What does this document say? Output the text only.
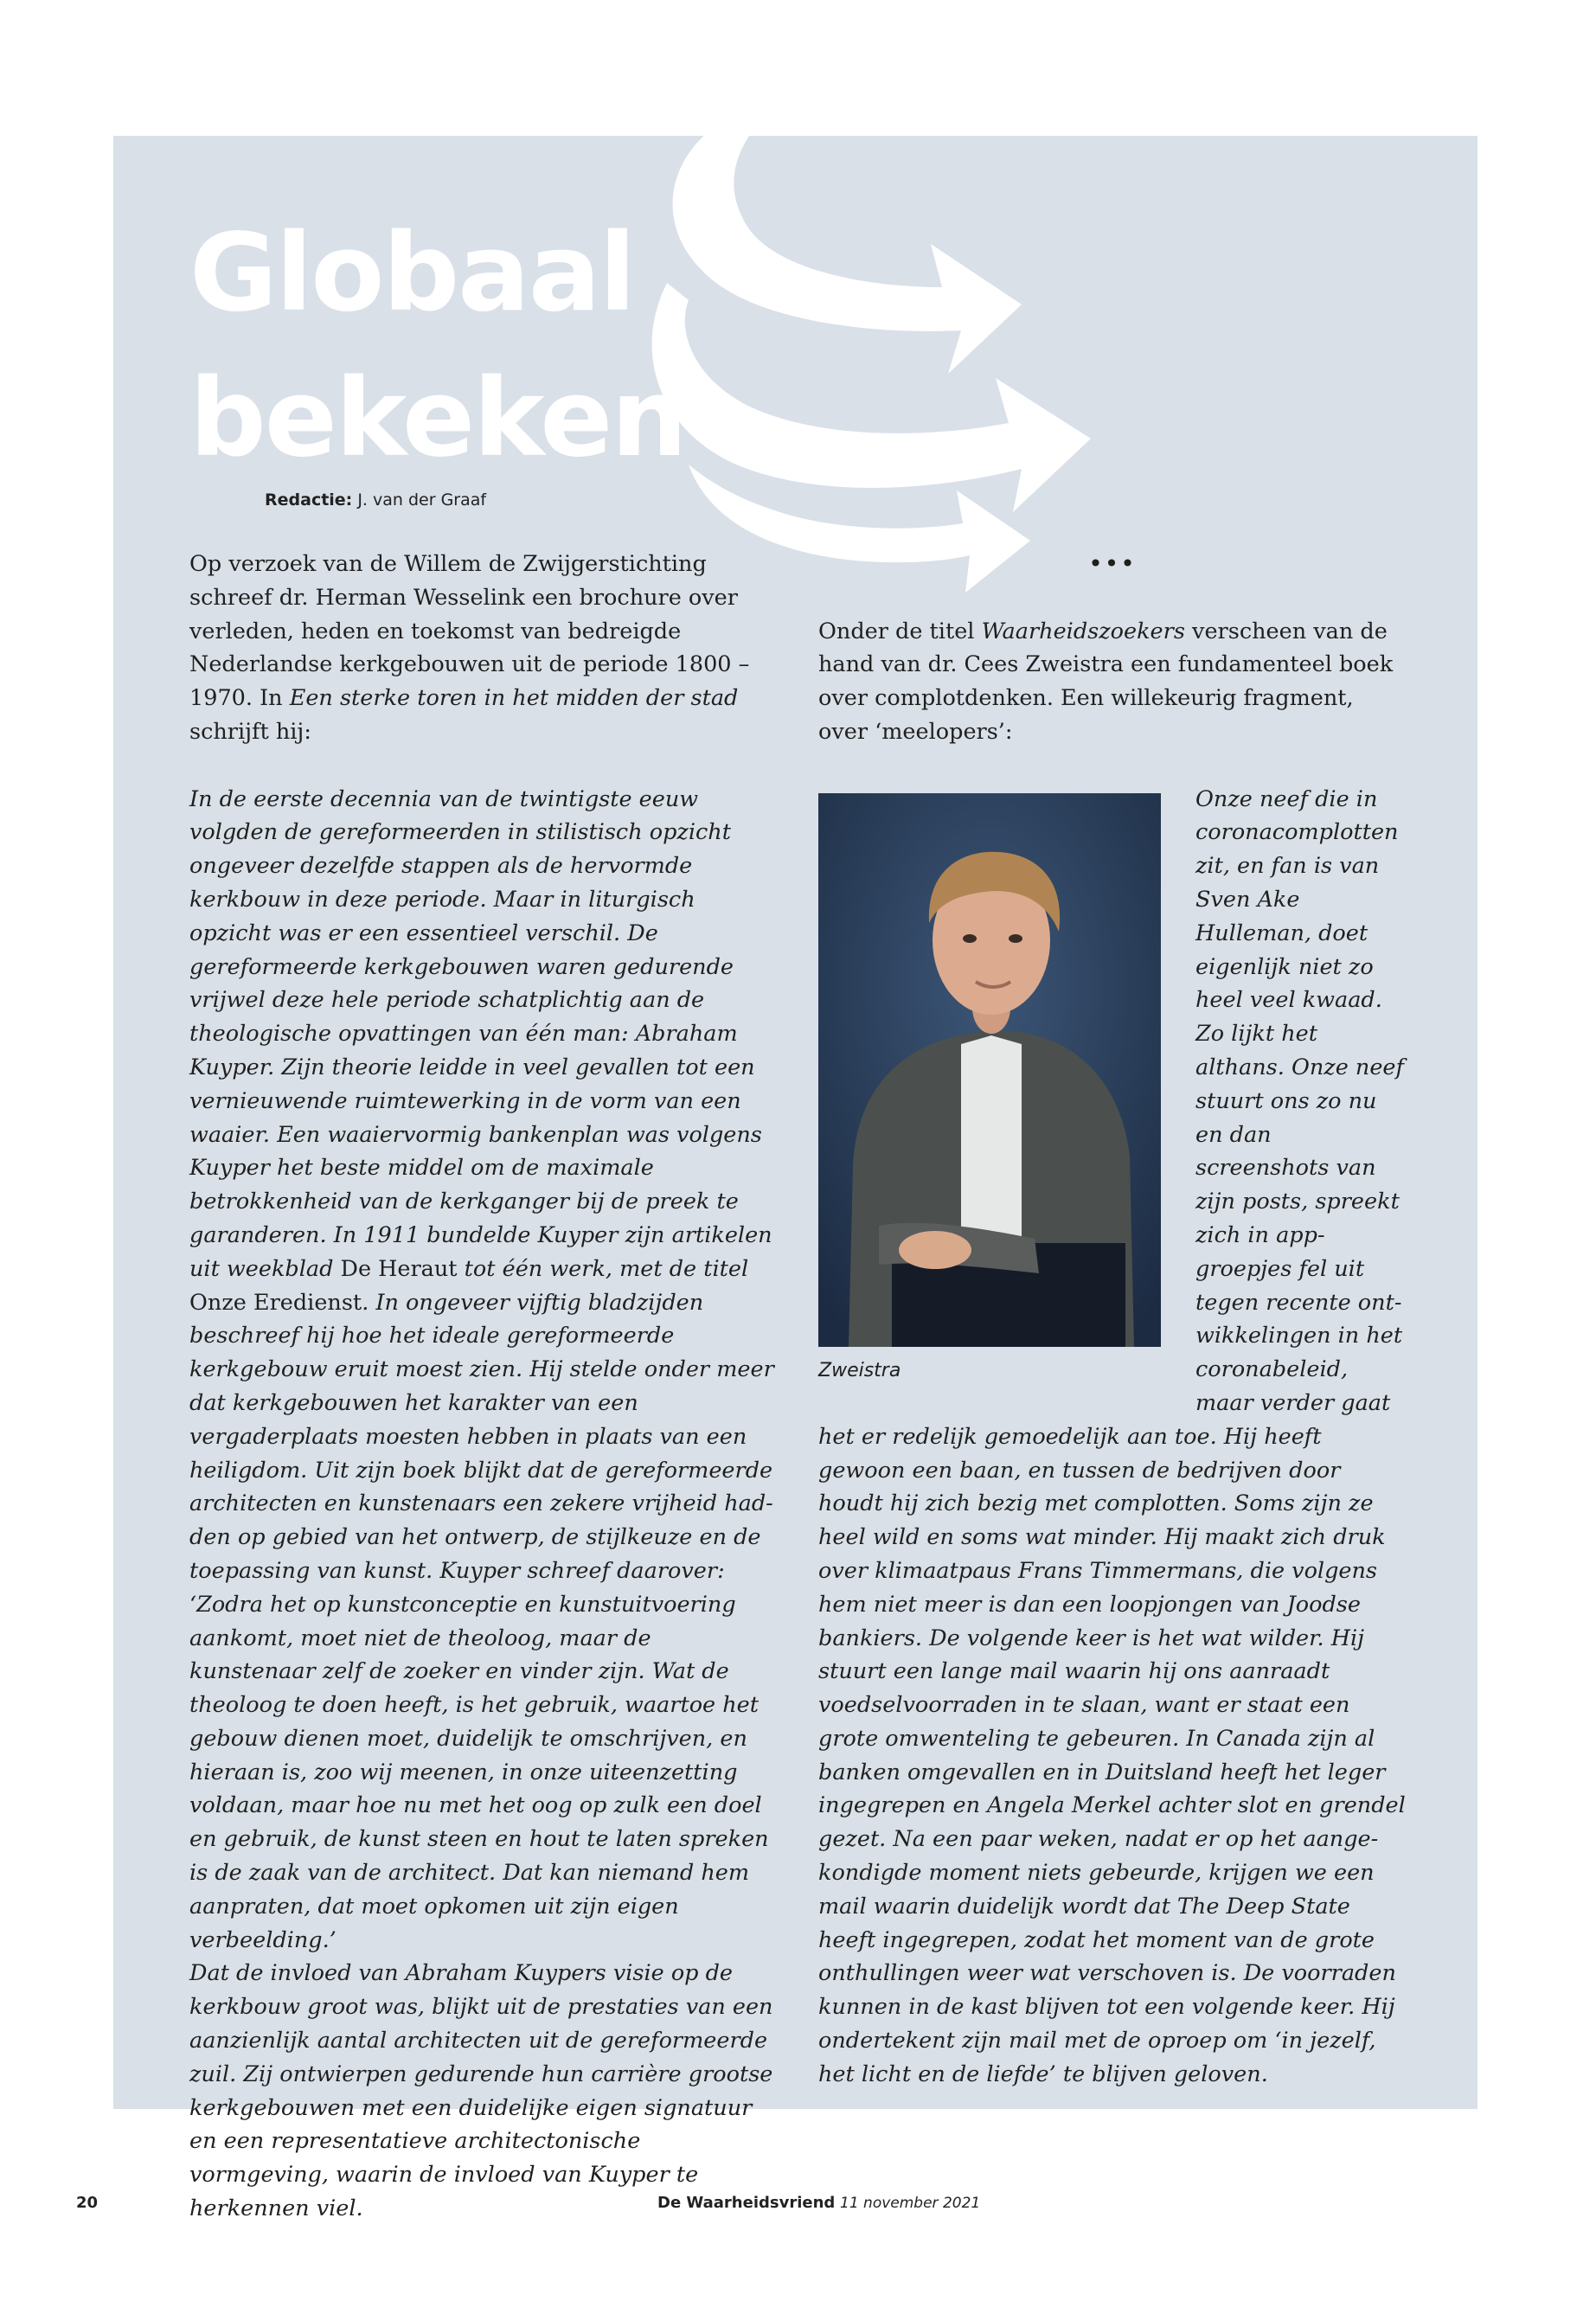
Globaal
bekeken
Redactie: J. van der Graaf

Op verzoek van de Willem de Zwijgerstichting schreef dr. Herman Wesselink een brochure over verleden, heden en toekomst van bedreigde Nederlandse kerkgebouwen uit de periode 1800 – 1970. In Een sterke toren in het midden der stad schrijft hij:

In de eerste decennia van de twintigste eeuw volgden de gereformeerden in stilistisch opzicht ongeveer dezelfde stappen als de hervormde kerkbouw in deze periode. Maar in liturgisch opzicht was er een essentieel verschil. De gereformeerde kerkgebouwen waren gedurende vrijwel deze hele periode schatplichtig aan de theologische opvattingen van één man: Abraham Kuyper. Zijn theorie leidde in veel gevallen tot een vernieuwende ruimtewerking in de vorm van een waaier. Een waaiervormig bankenplan was volgens Kuyper het beste middel om de maximale betrokkenheid van de kerkganger bij de preek te garanderen. In 1911 bundelde Kuyper zijn artikelen uit weekblad De Heraut tot één werk, met de titel Onze Eredienst. In ongeveer vijftig bladzijden beschreef hij hoe het ideale gereformeerde kerkgebouw eruit moest zien. Hij stelde onder meer dat kerkgebouwen het karakter van een vergaderplaats moesten hebben in plaats van een heiligdom. Uit zijn boek blijkt dat de gereformeerde architecten en kunstenaars een zekere vrijheid hadden op gebied van het ontwerp, de stijlkeuze en de toepassing van kunst. Kuyper schreef daarover: ‘Zodra het op kunstconceptie en kunstuitvoering aankomt, moet niet de theoloog, maar de kunstenaar zelf de zoeker en vinder zijn. Wat de theoloog te doen heeft, is het gebruik, waartoe het gebouw dienen moet, duidelijk te omschrijven, en hieraan is, zoo wij meenen, in onze uiteenzetting voldaan, maar hoe nu met het oog op zulk een doel en gebruik, de kunst steen en hout te laten spreken is de zaak van de architect. Dat kan niemand hem aanpraten, dat moet opkomen uit zijn eigen verbeelding.’

Dat de invloed van Abraham Kuypers visie op de kerkbouw groot was, blijkt uit de prestaties van een aanzienlijk aantal architecten uit de gereformeerde zuil. Zij ontwierpen gedurende hun carrière grootse kerkgebouwen met een duidelijke eigen signatuur en een representatieve architectonische vormgeving, waarin de invloed van Kuyper te herkennen viel.

•••

Onder de titel Waarheidszoekers verscheen van de hand van dr. Cees Zweistra een fundamenteel boek over complotdenken. Een willekeurig fragment, over ‘meelopers’:

Zweistra
Onze neef die in coronacomplotten zit, en fan is van Sven Ake Hulleman, doet eigenlijk niet zo heel veel kwaad. Zo lijkt het althans. Onze neef stuurt ons zo nu en dan screenshots van zijn posts, spreekt zich in appgroepjes fel uit tegen recente ontwikkelingen in het coronabeleid, maar verder gaat het er redelijk gemoedelijk aan toe. Hij heeft gewoon een baan, en tussen de bedrijven door houdt hij zich bezig met complotten. Soms zijn ze heel wild en soms wat minder. Hij maakt zich druk over klimaatpaus Frans Timmermans, die volgens hem niet meer is dan een loopjongen van Joodse bankiers. De volgende keer is het wat wilder. Hij stuurt een lange mail waarin hij ons aanraadt voedselvoorraden in te slaan, want er staat een grote omwenteling te gebeuren. In Canada zijn al banken omgevallen en in Duitsland heeft het leger ingegrepen en Angela Merkel achter slot en grendel gezet. Na een paar weken, nadat er op het aangekondigde moment niets gebeurde, krijgen we een mail waarin duidelijk wordt dat The Deep State heeft ingegrepen, zodat het moment van de grote onthullingen weer wat verschoven is. De voorraden kunnen in de kast blijven tot een volgende keer. Hij ondertekent zijn mail met de oproep om ‘in jezelf, het licht en de liefde’ te blijven geloven.

20	De Waarheidsvriend 11 november 2021
